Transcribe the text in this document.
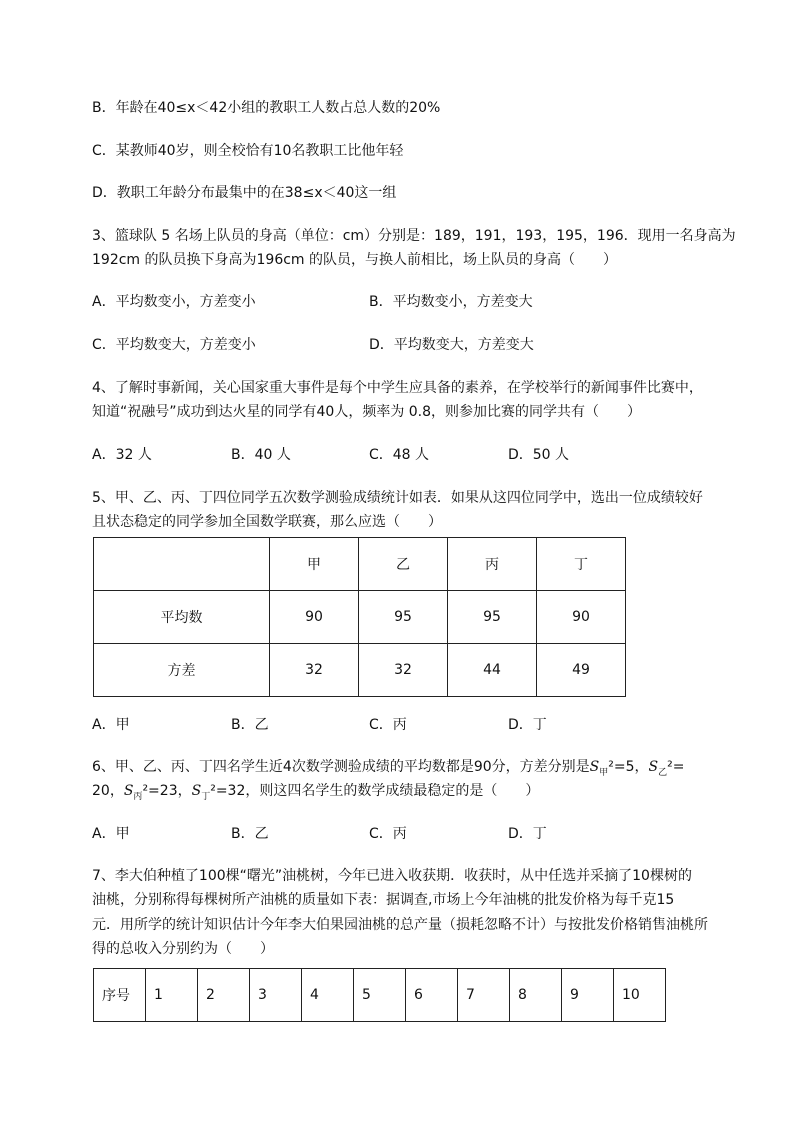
B．年龄在40≤x＜42小组的教职工人数占总人数的20%
C．某教师40岁，则全校恰有10名教职工比他年轻
D．教职工年龄分布最集中的在38≤x＜40这一组
3、篮球队 5 名场上队员的身高（单位：cm）分别是：189，191，193，195，196．现用一名身高为
192cm 的队员换下身高为196cm 的队员，与换人前相比，场上队员的身高（　　）
A．平均数变小，方差变小	B．平均数变小，方差变大
C．平均数变大，方差变小	D．平均数变大，方差变大
4、了解时事新闻，关心国家重大事件是每个中学生应具备的素养，在学校举行的新闻事件比赛中，
知道“祝融号”成功到达火星的同学有40人，频率为 0.8，则参加比赛的同学共有（　　）
A．32 人	B．40 人	C．48 人	D．50 人
5、甲、乙、丙、丁四位同学五次数学测验成绩统计如表．如果从这四位同学中，选出一位成绩较好
且状态稳定的同学参加全国数学联赛，那么应选（　　）
	甲	乙	丙	丁
平均数	90	95	95	90
方差	32	32	44	49
A．甲	B．乙	C．丙	D．丁
6、甲、乙、丙、丁四名学生近4次数学测验成绩的平均数都是90分，方差分别是$S_甲^2=5$，$S_乙^2=$
20，$S_丙^2=23$，$S_丁^2=32$，则这四名学生的数学成绩最稳定的是（　　）
A．甲	B．乙	C．丙	D．丁
7、李大伯种植了100棵“曙光”油桃树，今年已进入收获期．收获时，从中任选并采摘了10棵树的
油桃，分别称得每棵树所产油桃的质量如下表：据调查,市场上今年油桃的批发价格为每千克15
元．用所学的统计知识估计今年李大伯果园油桃的总产量（损耗忽略不计）与按批发价格销售油桃所
得的总收入分别约为（　　）
序号	1	2	3	4	5	6	7	8	9	10
